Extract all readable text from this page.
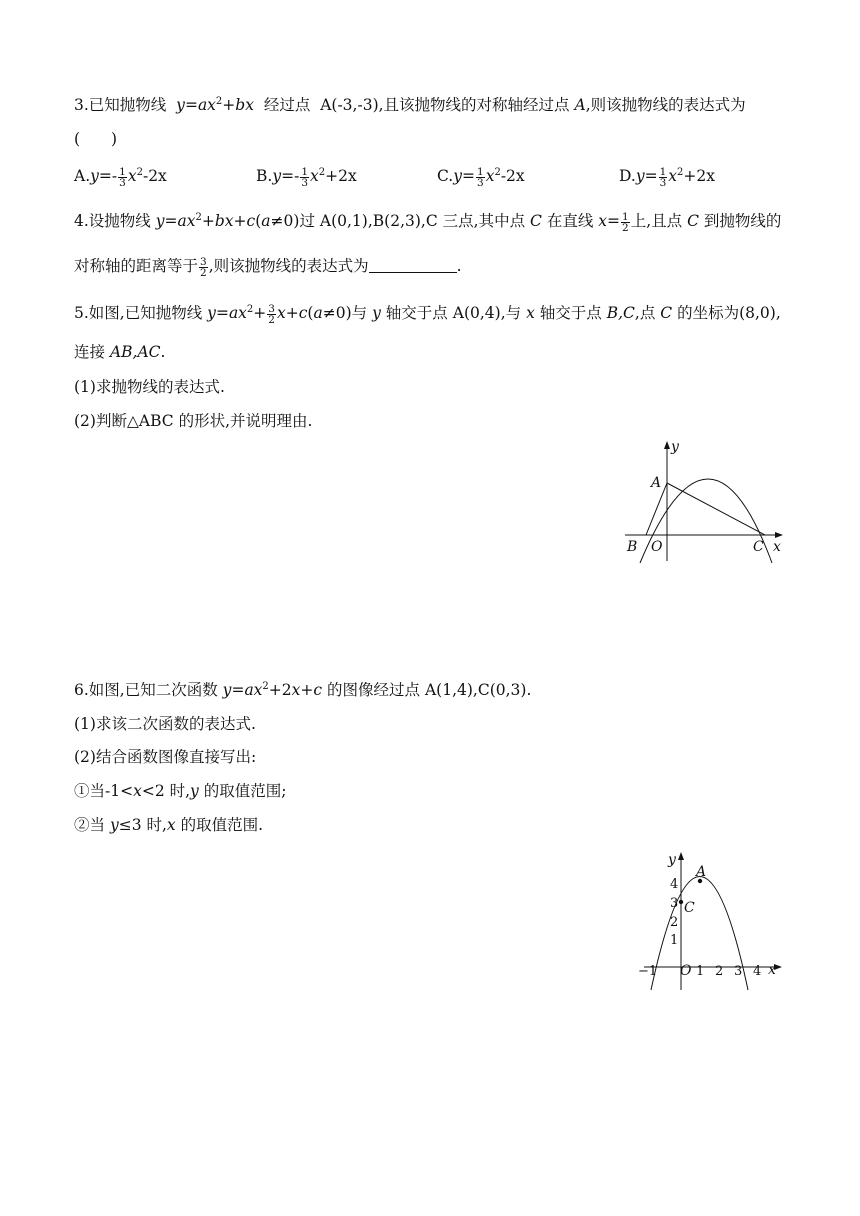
3.已知抛物线 $y=ax^2+bx$ 经过点 A(-3,-3),且该抛物线的对称轴经过点 A,则该抛物线的表达式为
(　　)
$A.y=- \frac{1}{3} x^2-2x$	$B.y=- \frac{1}{3} x^2+2x$	$C.y= \frac{1}{3} x^2-2x$	$D.y= \frac{1}{3} x^2+2x$
4.设抛物线 $y=ax^2+bx+c(a\ne 0)$过 A(0,1),B(2,3),C 三点,其中点 C 在直线 $x= \frac{1}{2}$ 上,且点 C 到抛物线的
对称轴的距离等于 $\frac{3}{2}$ ,则该抛物线的表达式为	.
5.如图,已知抛物线 $y=ax^2+ \frac{3}{2} x+c(a\ne 0)$与 y 轴交于点 A(0,4),与 x 轴交于点 B,C,点 C 的坐标为(8,0),
连接 AB,AC.
(1)求抛物线的表达式.
(2)判断△ABC 的形状,并说明理由.
y
A
B O	C x
6.如图,已知二次函数 $y=ax^2+2x+c$ 的图像经过点 A(1,4),C(0,3).
(1)求该二次函数的表达式.
(2)结合函数图像直接写出:
①当-1<x<2 时,y 的取值范围;
②当 y≤3 时,x 的取值范围.
y
A
C
O	x
−1	1 2 3 4
1
2
3
4
